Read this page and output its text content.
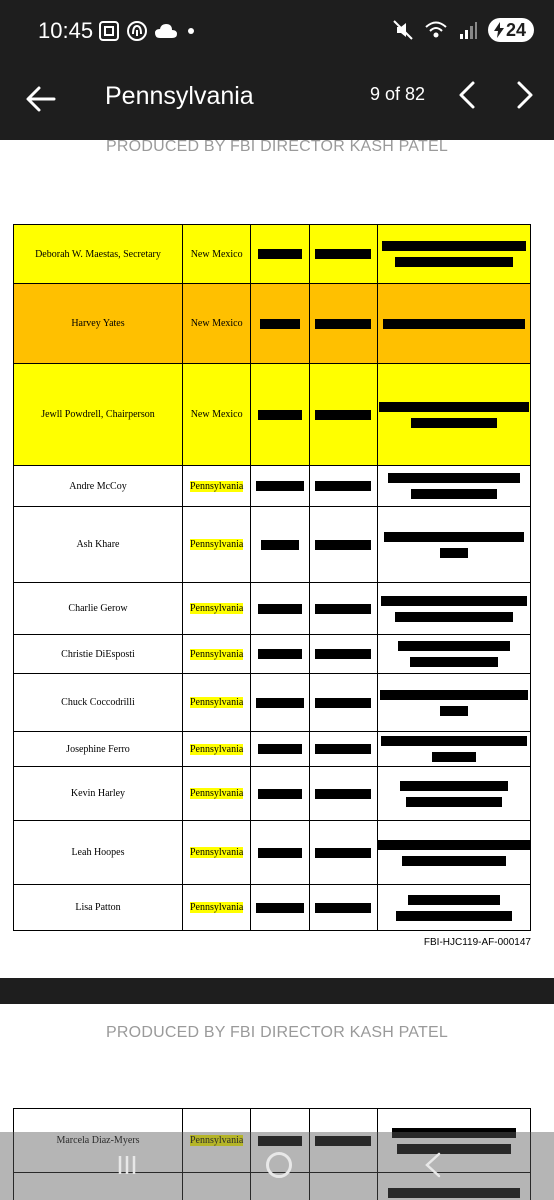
10:45	24
Pennsylvania	9 of 82
PRODUCED BY FBI DIRECTOR KASH PATEL
Deborah W. Maestas, Secretary	New Mexico	

Harvey Yates	New Mexico	

Jewll Powdrell, Chairperson	New Mexico	

Andre McCoy	Pennsylvania	

Ash Khare	Pennsylvania	

Charlie Gerow	Pennsylvania	

Christie DiEsposti	Pennsylvania	

Chuck Coccodrilli	Pennsylvania	

Josephine Ferro	Pennsylvania	

Kevin Harley	Pennsylvania	

Leah Hoopes	Pennsylvania	

Lisa Patton	Pennsylvania	

FBI-HJC119-AF-000147
PRODUCED BY FBI DIRECTOR KASH PATEL
Marcela Diaz-Myers	Pennsylvania	
